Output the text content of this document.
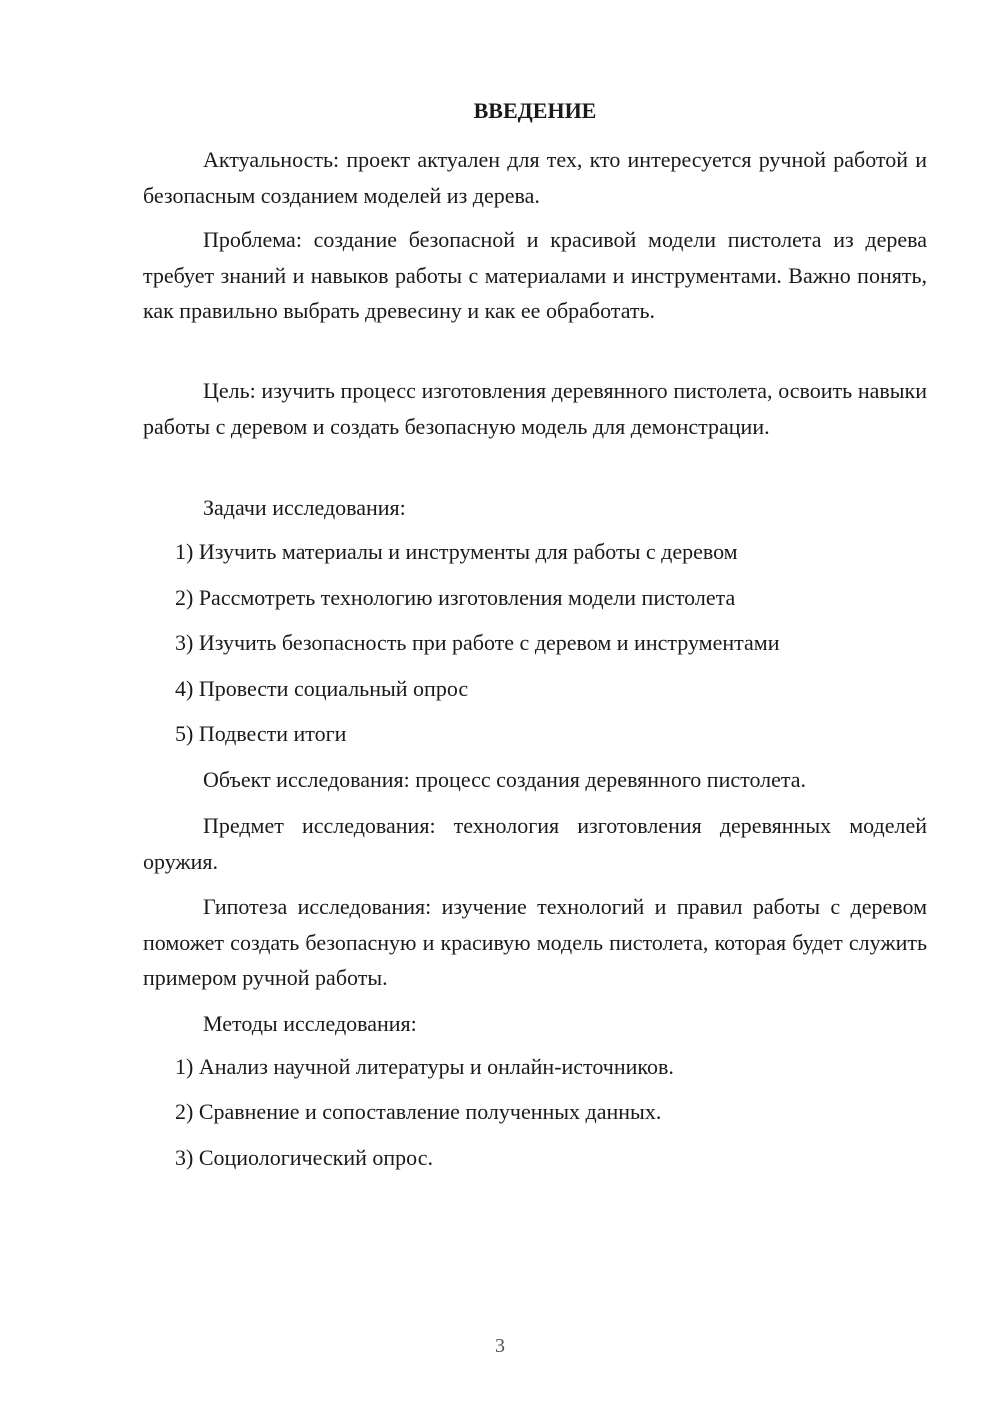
ВВЕДЕНИЕ

Актуальность: проект актуален для тех, кто интересуется ручной работой и безопасным созданием моделей из дерева.

Проблема: создание безопасной и красивой модели пистолета из дерева требует знаний и навыков работы с материалами и инструментами. Важно понять, как правильно выбрать древесину и как ее обработать.

Цель: изучить процесс изготовления деревянного пистолета, освоить навыки работы с деревом и создать безопасную модель для демонстрации.

Задачи исследования:

1) Изучить материалы и инструменты для работы с деревом

2) Рассмотреть технологию изготовления модели пистолета

3) Изучить безопасность при работе с деревом и инструментами

4) Провести социальный опрос

5) Подвести итоги

Объект исследования: процесс создания деревянного пистолета.

Предмет исследования: технология изготовления деревянных моделей оружия.

Гипотеза исследования: изучение технологий и правил работы с деревом поможет создать безопасную и красивую модель пистолета, которая будет служить примером ручной работы.

Методы исследования:

1) Анализ научной литературы и онлайн-источников.

2) Сравнение и сопоставление полученных данных.

3) Социологический опрос.

3
